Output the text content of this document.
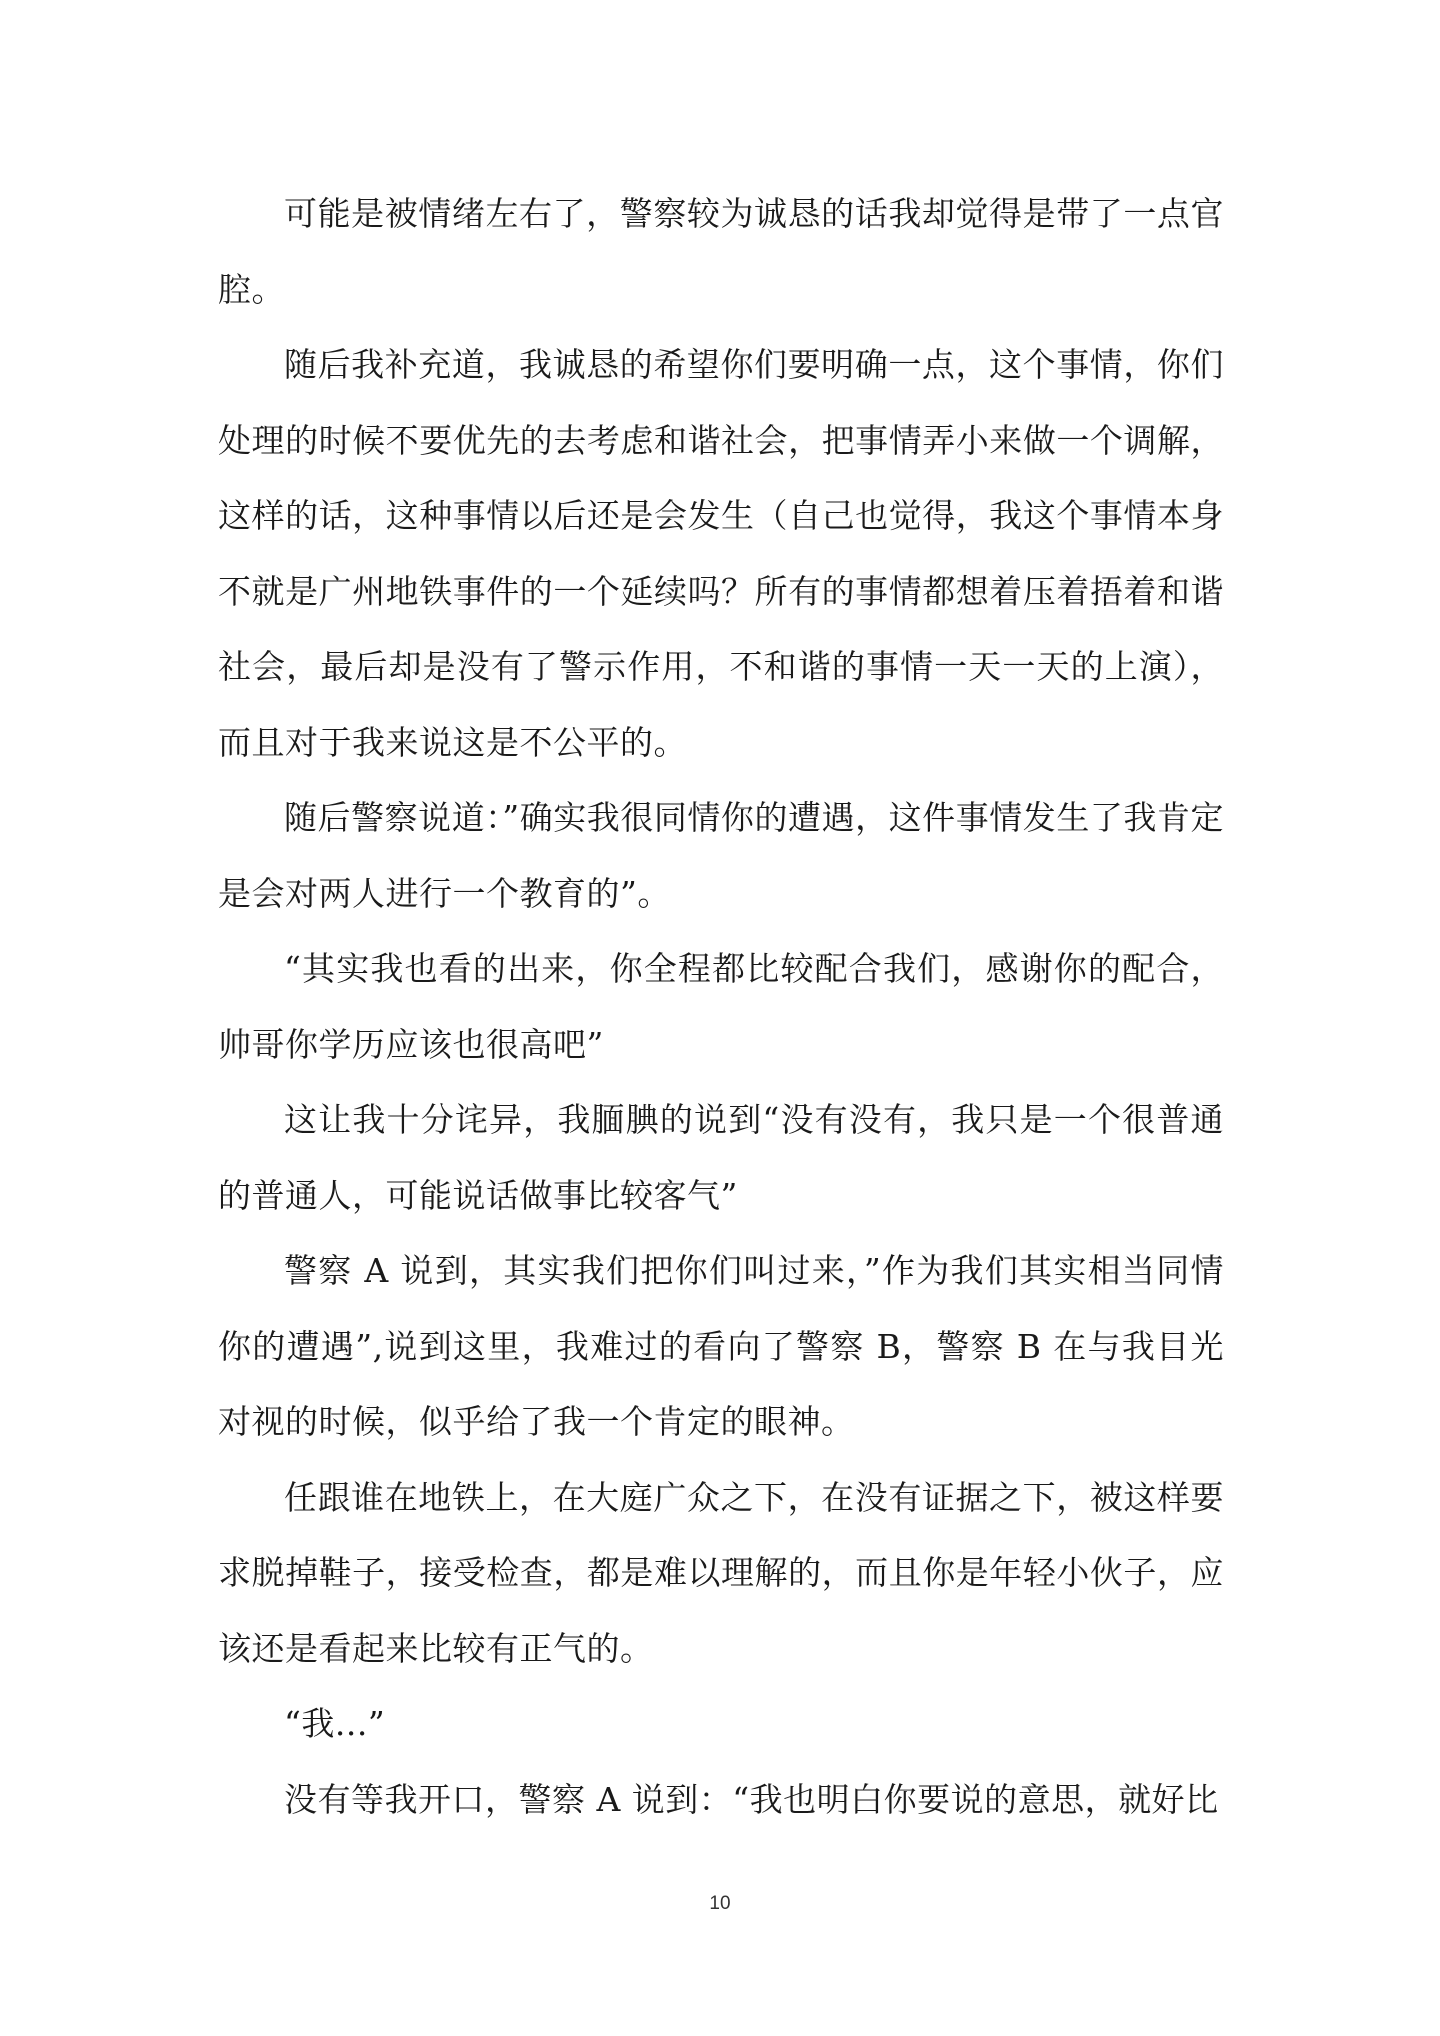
可能是被情绪左右了，警察较为诚恳的话我却觉得是带了一点官腔。

随后我补充道，我诚恳的希望你们要明确一点，这个事情，你们处理的时候不要优先的去考虑和谐社会，把事情弄小来做一个调解，这样的话，这种事情以后还是会发生（自己也觉得，我这个事情本身不就是广州地铁事件的一个延续吗？所有的事情都想着压着捂着和谐社会，最后却是没有了警示作用，不和谐的事情一天一天的上演），而且对于我来说这是不公平的。

随后警察说道：”确实我很同情你的遭遇，这件事情发生了我肯定是会对两人进行一个教育的”。

“其实我也看的出来，你全程都比较配合我们，感谢你的配合，帅哥你学历应该也很高吧”

这让我十分诧异，我腼腆的说到“没有没有，我只是一个很普通的普通人，可能说话做事比较客气”

警察 A 说到，其实我们把你们叫过来，”作为我们其实相当同情你的遭遇”,说到这里，我难过的看向了警察 B，警察 B 在与我目光对视的时候，似乎给了我一个肯定的眼神。

任跟谁在地铁上，在大庭广众之下，在没有证据之下，被这样要求脱掉鞋子，接受检查，都是难以理解的，而且你是年轻小伙子，应该还是看起来比较有正气的。

“我...”

没有等我开口，警察 A 说到：“我也明白你要说的意思，就好比

10
